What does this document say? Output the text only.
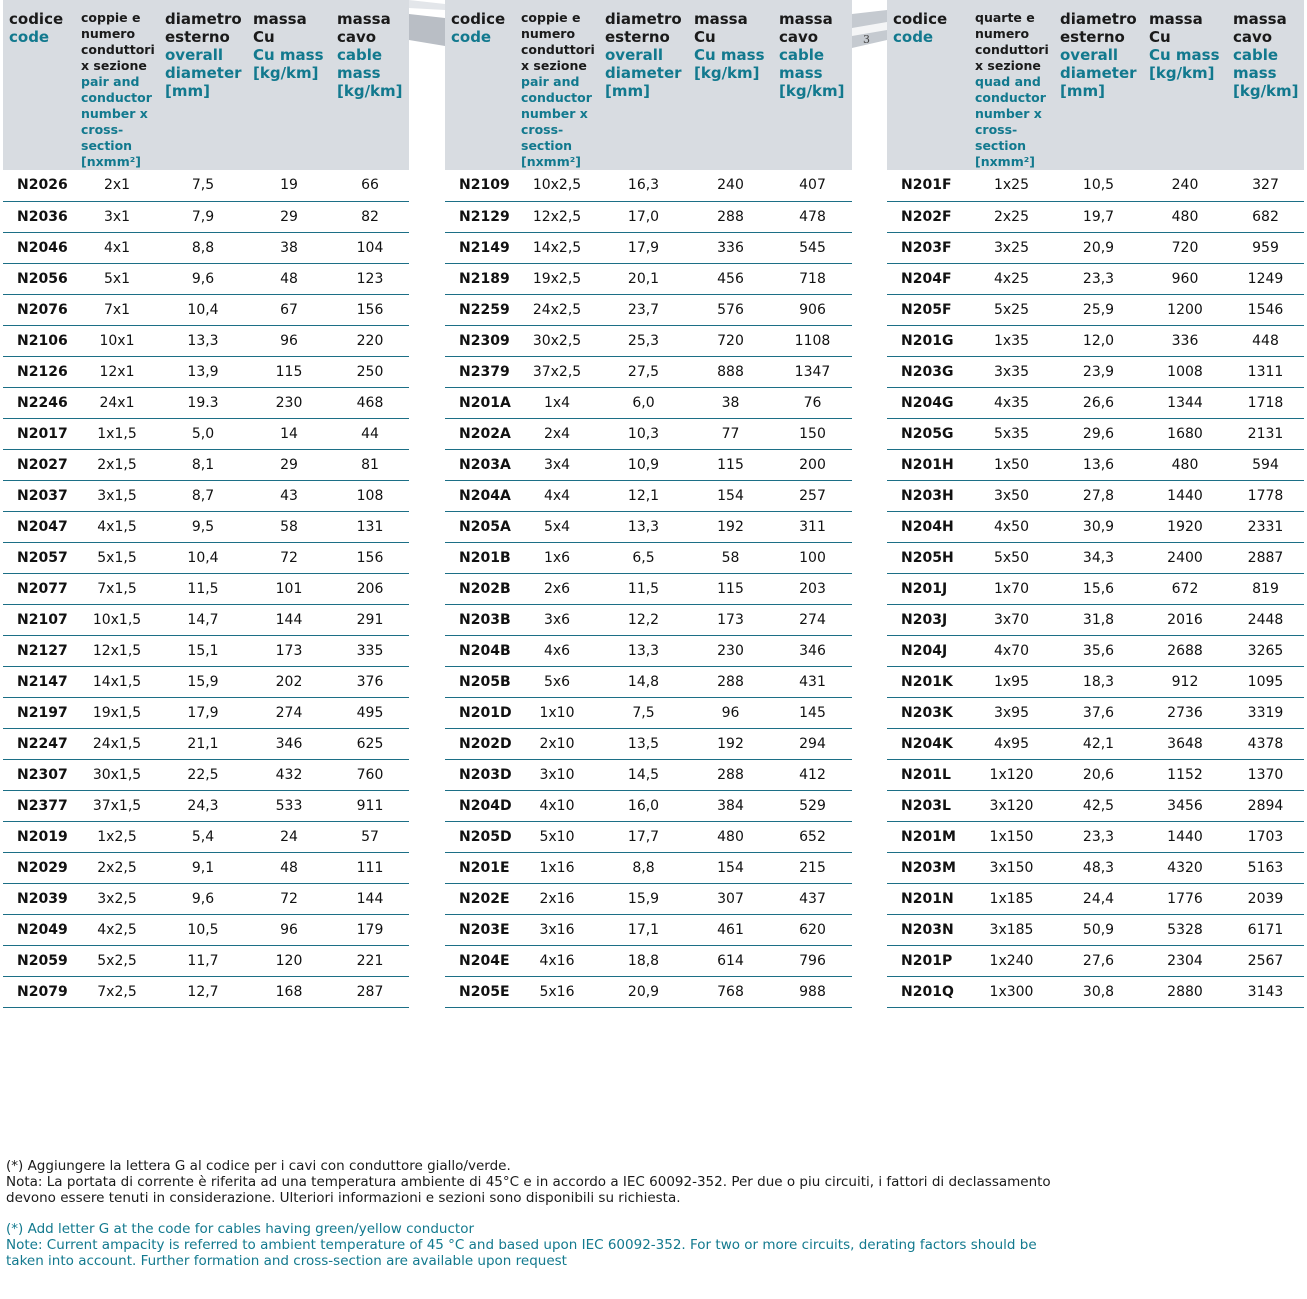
3
codice
code	coppie e numero conduttori x sezione
pair and conductor number x cross-section [nxmm²]	diametro esterno
overall diameter [mm]	massa Cu
Cu mass [kg/km]	massa cavo
cable mass [kg/km]

N2026	2x1	7,5	19	66
N2036	3x1	7,9	29	82
N2046	4x1	8,8	38	104
N2056	5x1	9,6	48	123
N2076	7x1	10,4	67	156
N2106	10x1	13,3	96	220
N2126	12x1	13,9	115	250
N2246	24x1	19.3	230	468
N2017	1x1,5	5,0	14	44
N2027	2x1,5	8,1	29	81
N2037	3x1,5	8,7	43	108
N2047	4x1,5	9,5	58	131
N2057	5x1,5	10,4	72	156
N2077	7x1,5	11,5	101	206
N2107	10x1,5	14,7	144	291
N2127	12x1,5	15,1	173	335
N2147	14x1,5	15,9	202	376
N2197	19x1,5	17,9	274	495
N2247	24x1,5	21,1	346	625
N2307	30x1,5	22,5	432	760
N2377	37x1,5	24,3	533	911
N2019	1x2,5	5,4	24	57
N2029	2x2,5	9,1	48	111
N2039	3x2,5	9,6	72	144
N2049	4x2,5	10,5	96	179
N2059	5x2,5	11,7	120	221
N2079	7x2,5	12,7	168	287
codice
code	coppie e numero conduttori x sezione
pair and conductor number x cross-section [nxmm²]	diametro esterno
overall diameter [mm]	massa Cu
Cu mass [kg/km]	massa cavo
cable mass [kg/km]

N2109	10x2,5	16,3	240	407
N2129	12x2,5	17,0	288	478
N2149	14x2,5	17,9	336	545
N2189	19x2,5	20,1	456	718
N2259	24x2,5	23,7	576	906
N2309	30x2,5	25,3	720	1108
N2379	37x2,5	27,5	888	1347
N201A	1x4	6,0	38	76
N202A	2x4	10,3	77	150
N203A	3x4	10,9	115	200
N204A	4x4	12,1	154	257
N205A	5x4	13,3	192	311
N201B	1x6	6,5	58	100
N202B	2x6	11,5	115	203
N203B	3x6	12,2	173	274
N204B	4x6	13,3	230	346
N205B	5x6	14,8	288	431
N201D	1x10	7,5	96	145
N202D	2x10	13,5	192	294
N203D	3x10	14,5	288	412
N204D	4x10	16,0	384	529
N205D	5x10	17,7	480	652
N201E	1x16	8,8	154	215
N202E	2x16	15,9	307	437
N203E	3x16	17,1	461	620
N204E	4x16	18,8	614	796
N205E	5x16	20,9	768	988
codice
code	quarte e numero conduttori x sezione
quad and conductor number x cross-section [nxmm²]	diametro esterno
overall diameter [mm]	massa Cu
Cu mass [kg/km]	massa cavo
cable mass [kg/km]

N201F	1x25	10,5	240	327
N202F	2x25	19,7	480	682
N203F	3x25	20,9	720	959
N204F	4x25	23,3	960	1249
N205F	5x25	25,9	1200	1546
N201G	1x35	12,0	336	448
N203G	3x35	23,9	1008	1311
N204G	4x35	26,6	1344	1718
N205G	5x35	29,6	1680	2131
N201H	1x50	13,6	480	594
N203H	3x50	27,8	1440	1778
N204H	4x50	30,9	1920	2331
N205H	5x50	34,3	2400	2887
N201J	1x70	15,6	672	819
N203J	3x70	31,8	2016	2448
N204J	4x70	35,6	2688	3265
N201K	1x95	18,3	912	1095
N203K	3x95	37,6	2736	3319
N204K	4x95	42,1	3648	4378
N201L	1x120	20,6	1152	1370
N203L	3x120	42,5	3456	2894
N201M	1x150	23,3	1440	1703
N203M	3x150	48,3	4320	5163
N201N	1x185	24,4	1776	2039
N203N	3x185	50,9	5328	6171
N201P	1x240	27,6	2304	2567
N201Q	1x300	30,8	2880	3143

(*) Aggiungere la lettera G al codice per i cavi con conduttore giallo/verde.
Nota: La portata di corrente è riferita ad una temperatura ambiente di 45°C e in accordo a IEC 60092-352. Per due o piu circuiti, i fattori di declassamento
devono essere tenuti in considerazione. Ulteriori informazioni e sezioni sono disponibili su richiesta.

(*) Add letter G at the code for cables having green/yellow conductor
Note: Current ampacity is referred to ambient temperature of 45 °C and based upon IEC 60092-352. For two or more circuits, derating factors should be
taken into account. Further formation and cross-section are available upon request
